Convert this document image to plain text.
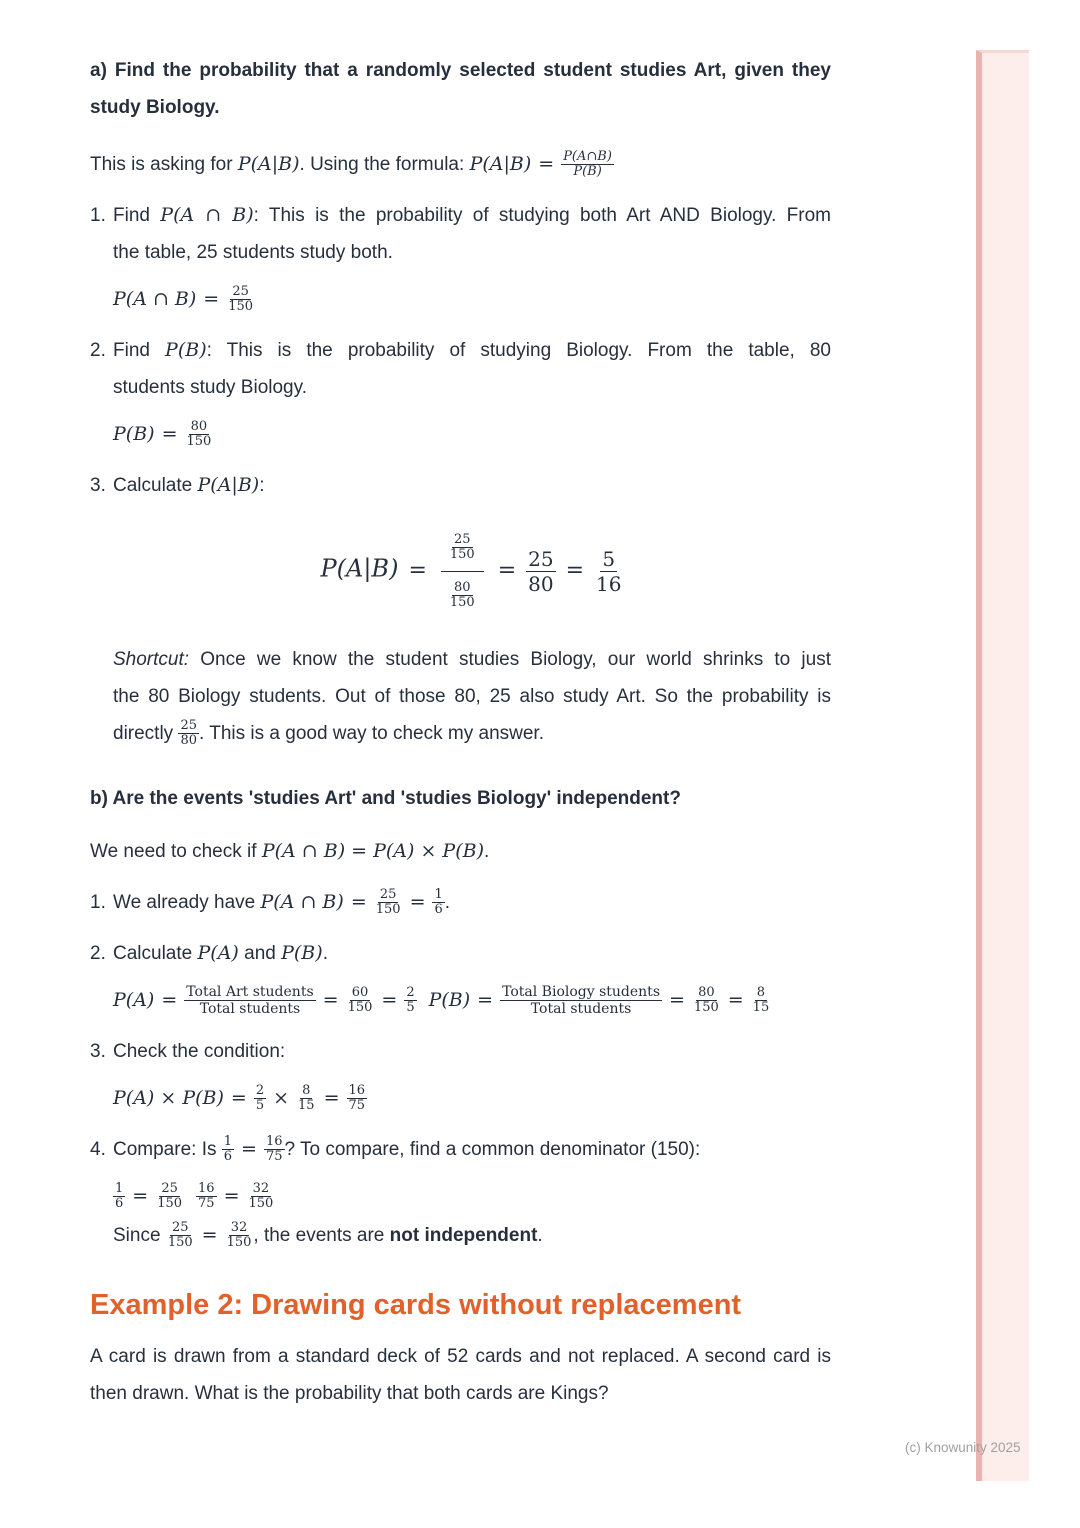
(c) Knowunity 2025
a) Find the probability that a randomly selected student studies Art, given they
study Biology.
This is asking for P(A|B). Using the formula: $P(A|B) = \frac{P(A\cap B)}{P(B)}$
1. Find P(A ∩ B): This is the probability of studying both Art AND Biology. From
the table, 25 students study both.
P(A ∩ $B) = \frac{25}{150}$
2. Find P(B): This is the probability of studying Biology. From the table, 80
students study Biology.
$P(B) = \frac{80}{150}$
3. Calculate P(A|B):
$P(A|B) = \frac{\frac{25}{150}}{\frac{80}{150}} = \frac{25}{80} = \frac{5}{16}$
Shortcut: Once we know the student studies Biology, our world shrinks to just
the 80 Biology students. Out of those 80, 25 also study Art. So the probability is
directly $\frac{25}{80}$ . This is a good way to check my answer.
b) Are the events 'studies Art' and 'studies Biology' independent?
We need to check if P(A ∩ B) = P(A) × P(B).
1. We already have P(A ∩ $B) = \frac{25}{150} = \frac{1}{6}$ .
2. Calculate P(A) and P(B).
P(A) = Total Art students
Total students = $\frac{60}{150} = \frac{2}{5} P(B)$ = Total Biology students
Total students = $\frac{80}{150} = \frac{8}{15}$
3. Check the condition:
$P(A) \times P(B) = \frac{2}{5} \times \frac{8}{15} = \frac{16}{75}$
4. Compare: Is $\frac{1}{6} = \frac{16}{75}$ ? To compare, find a common denominator (150):
$\frac{1}{6} = \frac{25}{150} \frac{16}{75} = \frac{32}{150}$
Since $\frac{25}{150} = \frac{32}{150}$ , the events are not independent.
Example 2: Drawing cards without replacement
A card is drawn from a standard deck of 52 cards and not replaced. A second card is
then drawn. What is the probability that both cards are Kings?
